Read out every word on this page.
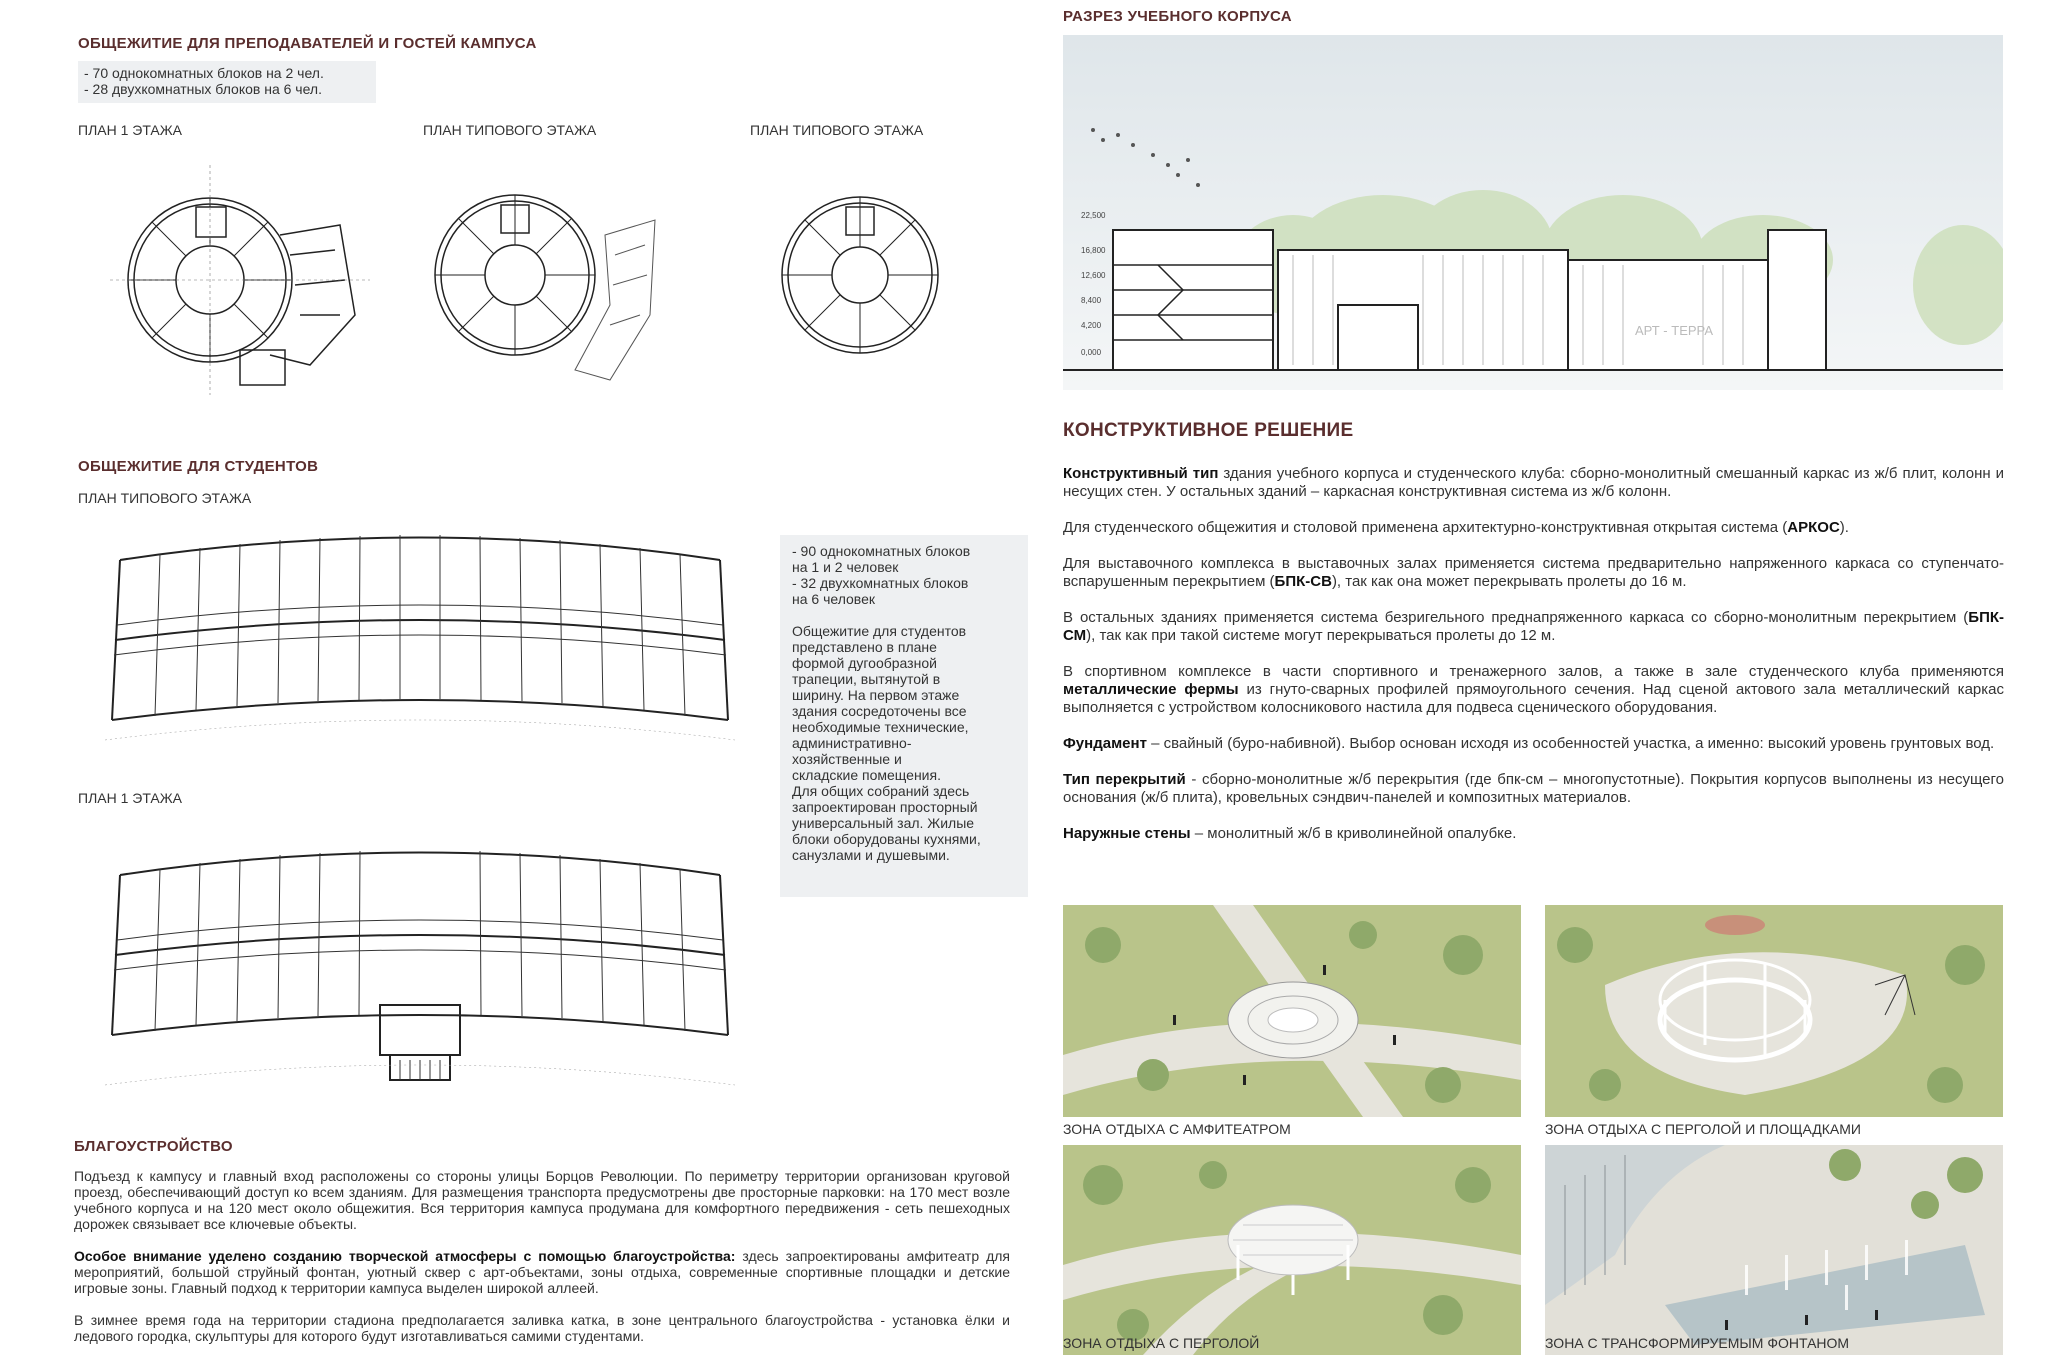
ОБЩЕЖИТИЕ ДЛЯ ПРЕПОДАВАТЕЛЕЙ И ГОСТЕЙ КАМПУСА
- 70 однокомнатных блоков на 2 чел.
- 28 двухкомнатных блоков на 6 чел.
ПЛАН 1 ЭТАЖА	ПЛАН ТИПОВОГО ЭТАЖА	ПЛАН ТИПОВОГО ЭТАЖА
ОБЩЕЖИТИЕ ДЛЯ СТУДЕНТОВ
ПЛАН ТИПОВОГО ЭТАЖА
ПЛАН 1 ЭТАЖА
- 90 однокомнатных блоков
на 1 и 2 человек
- 32 двухкомнатных блоков
на 6 человек
Общежитие для студентов
представлено в плане
формой дугообразной
трапеции, вытянутой в
ширину. На первом этаже
здания сосредоточены все
необходимые технические,
административно-
хозяйственные и
складские помещения.
Для общих собраний здесь
запроектирован просторный
универсальный зал. Жилые
блоки оборудованы кухнями,
санузлами и душевыми.
БЛАГОУСТРОЙСТВО

Подъезд к кампусу и главный вход расположены со стороны улицы Борцов Революции. По периметру территории организован круговой проезд, обеспечивающий доступ ко всем зданиям. Для размещения транспорта предусмотрены две просторные парковки: на 170 мест возле учебного корпуса и на 120 мест около общежития. Вся территория кампуса продумана для комфортного передвижения - сеть пешеходных дорожек связывает все ключевые объекты.

Особое внимание уделено созданию творческой атмосферы с помощью благоустройства: здесь запроектированы амфитеатр для мероприятий, большой струйный фонтан, уютный сквер с арт-объектами, зоны отдыха, современные спортивные площадки и детские игровые зоны. Главный подход к территории кампуса выделен широкой аллеей.

В зимнее время года на территории стадиона предполагается заливка катка, в зоне центрального благоустройства - установка ёлки и ледового городка, скульптуры для которого будут изготавливаться самими студентами.

РАЗРЕЗ УЧЕБНОГО КОРПУСА
22,500
16,800
12,600
8,400
4,200
0,000
АРТ - ТЕРРА
КОНСТРУКТИВНОЕ РЕШЕНИЕ

Конструктивный тип здания учебного корпуса и студенческого клуба: сборно-монолитный смешанный каркас из ж/б плит, колонн и несущих стен. У остальных зданий – каркасная конструктивная система из ж/б колонн.

Для студенческого общежития и столовой применена архитектурно-конструктивная открытая система (АРКОС).

Для выставочного комплекса в выставочных залах применяется система предварительно напряженного каркаса со ступенчато-вспарушенным перекрытием (БПК-СВ), так как она может перекрывать пролеты до 16 м.

В остальных зданиях применяется система безригельного преднапряженного каркаса со сборно-монолитным перекрытием (БПК-СМ), так как при такой системе могут перекрываться пролеты до 12 м.

В спортивном комплексе в части спортивного и тренажерного залов, а также в зале студенческого клуба применяются металлические фермы из гнуто-сварных профилей прямоугольного сечения. Над сценой актового зала металлический каркас выполняется с устройством колосникового настила для подвеса сценического оборудования.

Фундамент – свайный (буро-набивной). Выбор основан исходя из особенностей участка, а именно: высокий уровень грунтовых вод.

Тип перекрытий - сборно-монолитные ж/б перекрытия (где бпк-см – многопустотные). Покрытия корпусов выполнены из несущего основания (ж/б плита), кровельных сэндвич-панелей и композитных материалов.

Наружные стены – монолитный ж/б в криволинейной опалубке.

ЗОНА ОТДЫХА С АМФИТЕАТРОМ	ЗОНА ОТДЫХА С ПЕРГОЛОЙ И ПЛОЩАДКАМИ
ЗОНА ОТДЫХА С ПЕРГОЛОЙ	ЗОНА С ТРАНСФОРМИРУЕМЫМ ФОНТАНОМ
